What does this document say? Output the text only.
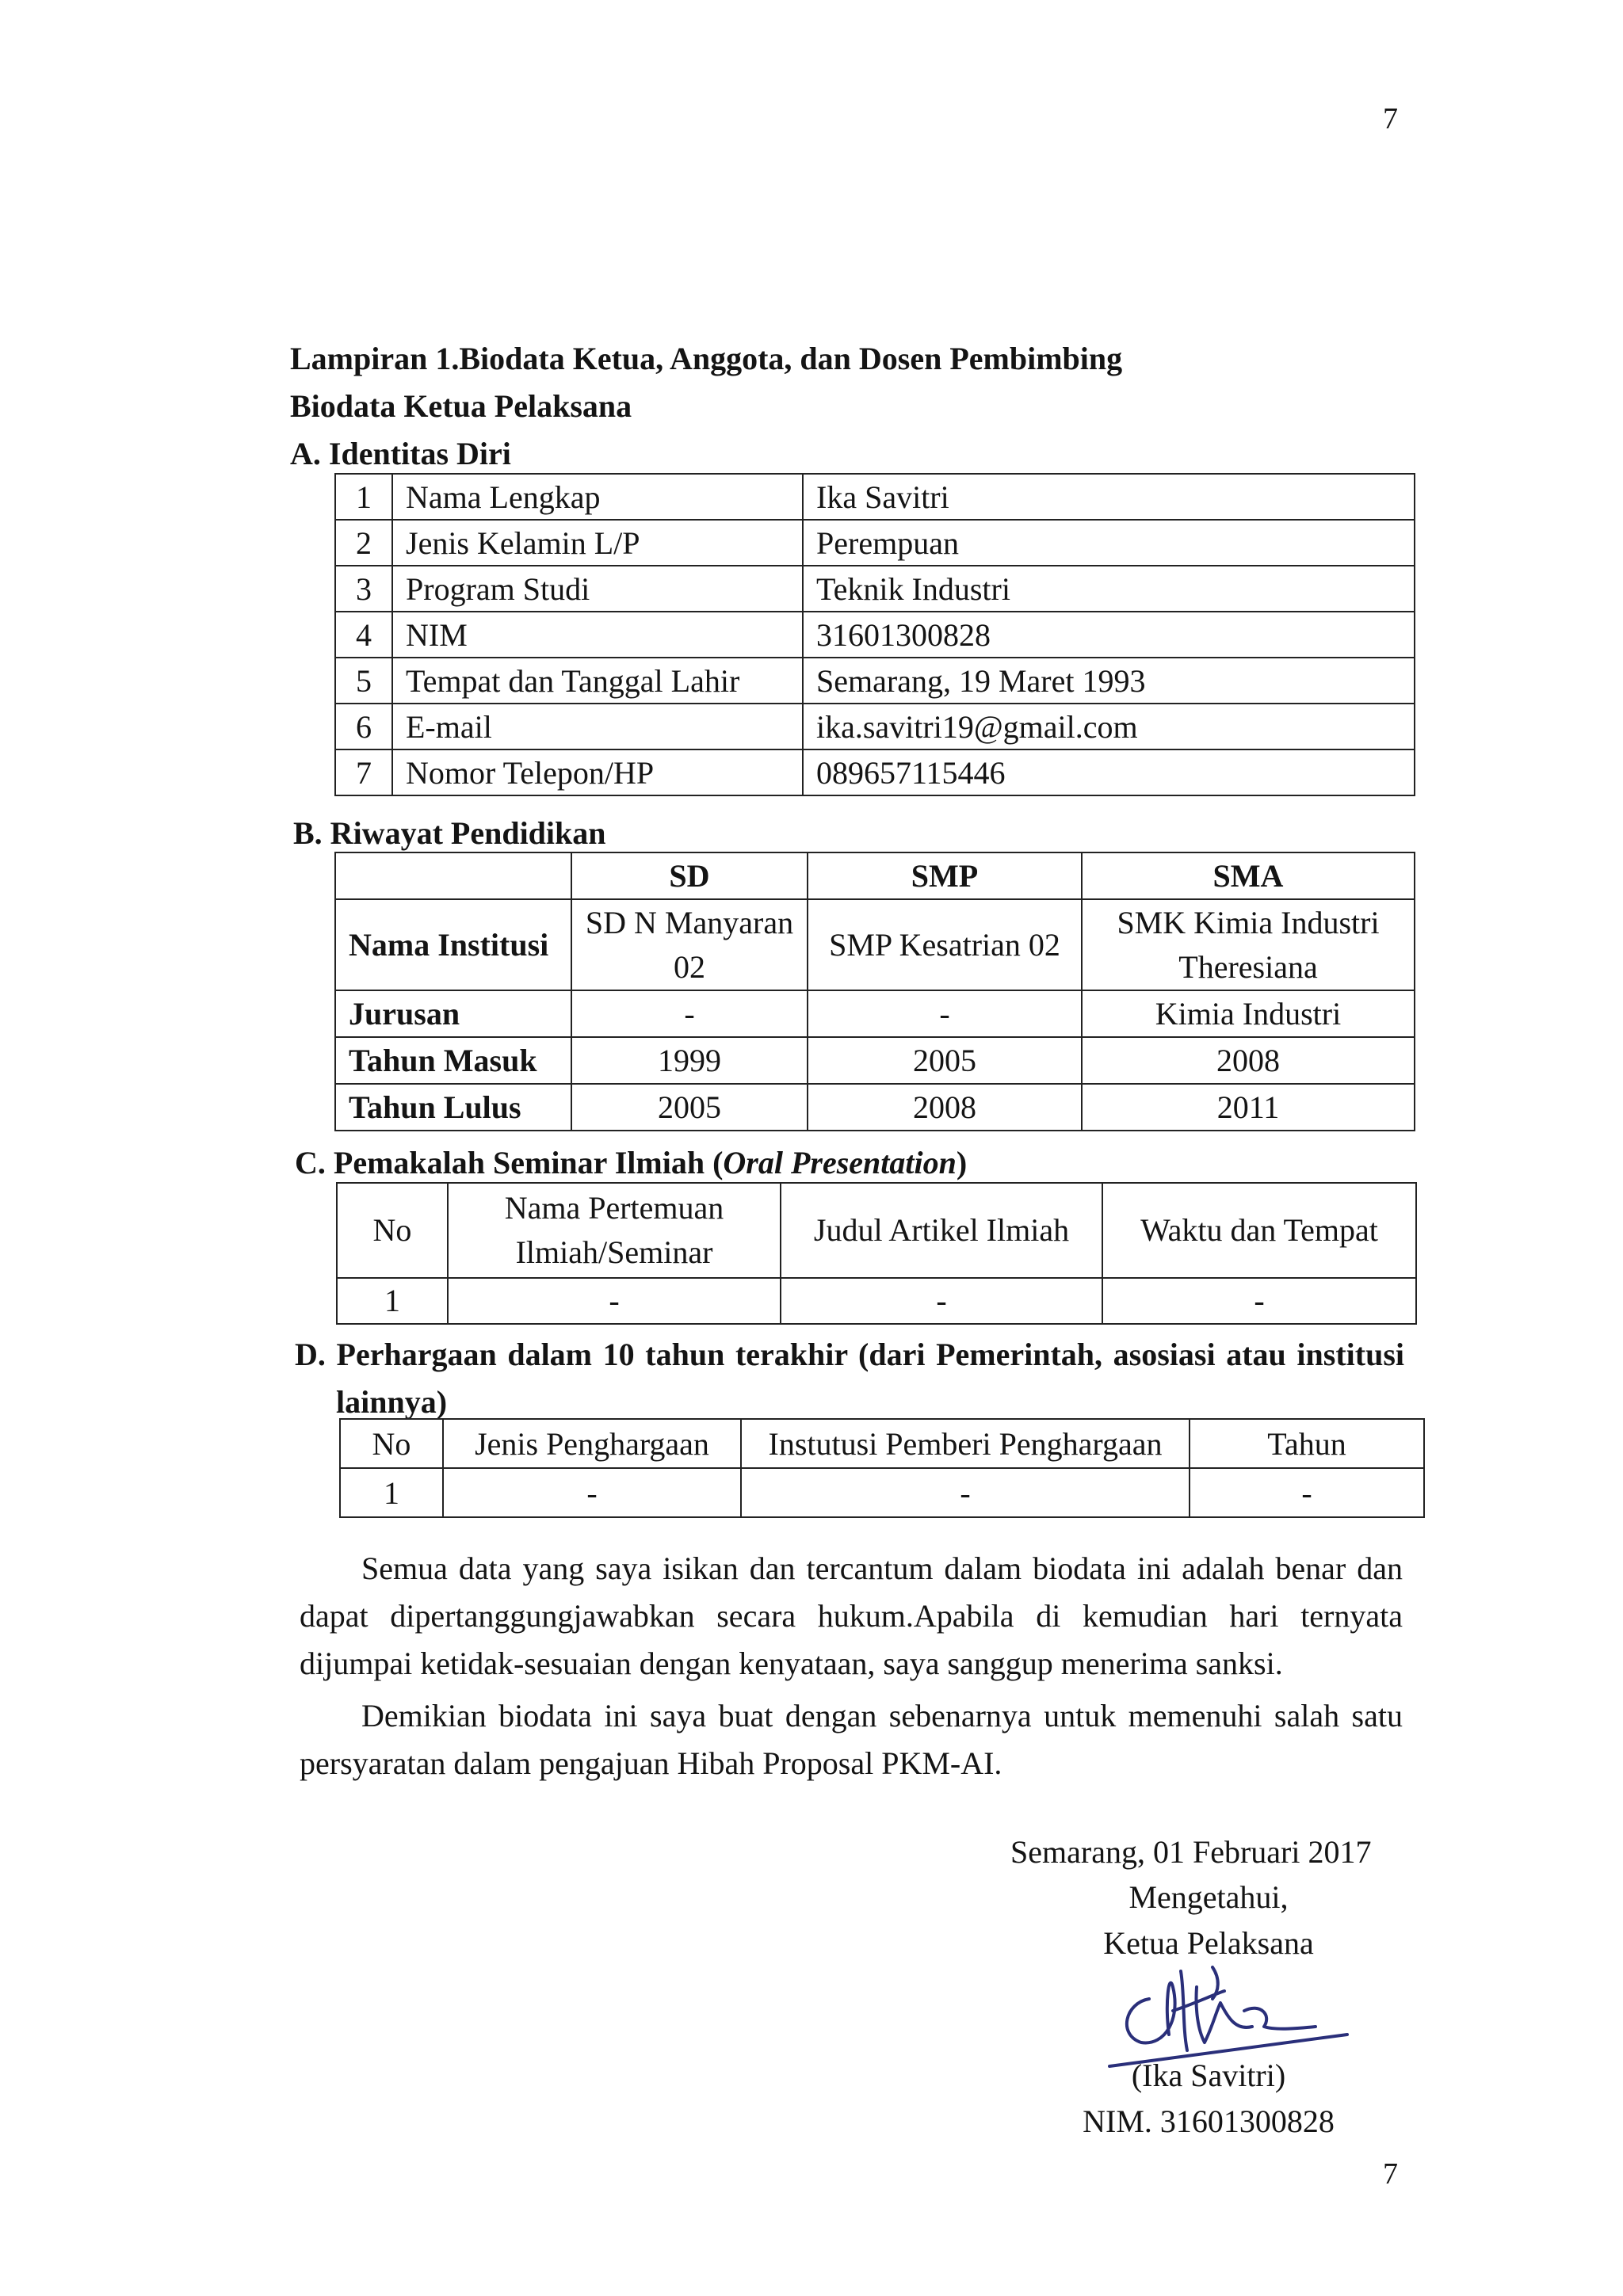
7
Lampiran 1.Biodata Ketua, Anggota, dan Dosen Pembimbing
Biodata Ketua Pelaksana
A. Identitas Diri
1	Nama Lengkap	Ika Savitri
2	Jenis Kelamin L/P	Perempuan
3	Program Studi	Teknik Industri
4	NIM	31601300828
5	Tempat dan Tanggal Lahir	Semarang, 19 Maret 1993
6	E-mail	ika.savitri19@gmail.com
7	Nomor Telepon/HP	089657115446
B. Riwayat Pendidikan
	SD	SMP	SMA
Nama Institusi	SD N Manyaran 02	SMP Kesatrian 02	SMK Kimia Industri Theresiana
Jurusan	-	-	Kimia Industri
Tahun Masuk	1999	2005	2008
Tahun Lulus	2005	2008	2011
C. Pemakalah Seminar Ilmiah (Oral Presentation)
No	Nama Pertemuan Ilmiah/Seminar	Judul Artikel Ilmiah	Waktu dan Tempat
1	-	-	-
D. Perhargaan dalam 10 tahun terakhir (dari Pemerintah, asosiasi atau institusi lainnya)
No	Jenis Penghargaan	Instutusi Pemberi Penghargaan	Tahun
1	-	-	-

Semua data yang saya isikan dan tercantum dalam biodata ini adalah benar dan dapat dipertanggungjawabkan secara hukum.Apabila di kemudian hari ternyata dijumpai ketidak-sesuaian dengan kenyataan, saya sanggup menerima sanksi.

Demikian biodata ini saya buat dengan sebenarnya untuk memenuhi salah satu persyaratan dalam pengajuan Hibah Proposal PKM-AI.

Semarang, 01 Februari 2017
Mengetahui,
Ketua Pelaksana
(Ika Savitri)
NIM. 31601300828
7
